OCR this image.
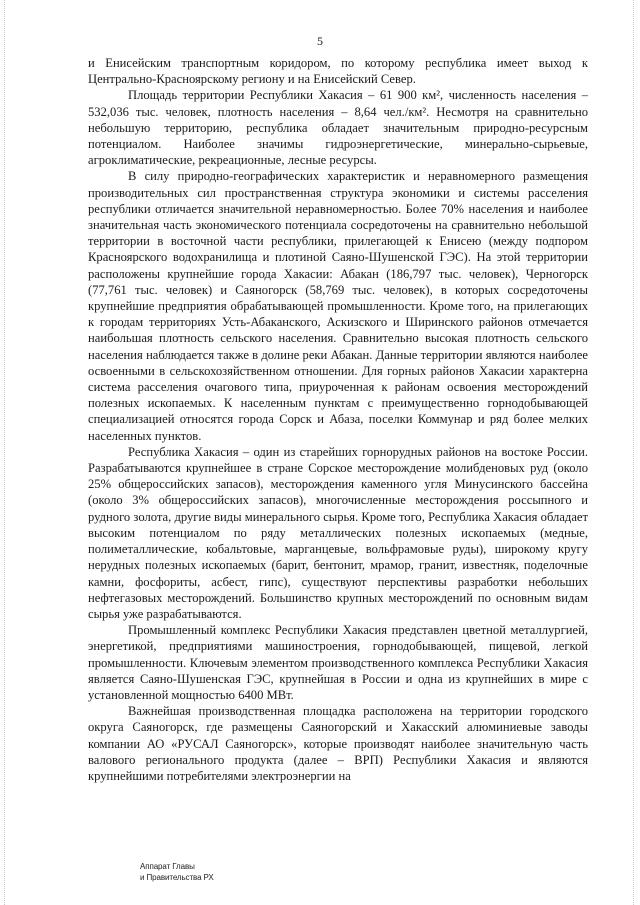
5

и Енисейским транспортным коридором, по которому республика имеет выход к Центрально-Красноярскому региону и на Енисейский Север.

Площадь территории Республики Хакасия – 61 900 км², численность населения – 532,036 тыс. человек, плотность населения – 8,64 чел./км². Несмотря на сравнительно небольшую территорию, республика обладает значительным природно-ресурсным потенциалом. Наиболее значимы гидроэнергетические, минерально-сырьевые, агроклиматические, рекреационные, лесные ресурсы.

В силу природно-географических характеристик и неравномерного размещения производительных сил пространственная структура экономики и системы расселения республики отличается значительной неравномерностью. Более 70% населения и наиболее значительная часть экономического потенциала сосредоточены на сравнительно небольшой территории в восточной части республики, прилегающей к Енисею (между подпором Красноярского водохранилища и плотиной Саяно-Шушенской ГЭС). На этой территории расположены крупнейшие города Хакасии: Абакан (186,797 тыс. человек), Черногорск (77,761 тыс. человек) и Саяногорск (58,769 тыс. человек), в которых сосредоточены крупнейшие предприятия обрабатывающей промышленности. Кроме того, на прилегающих к городам территориях Усть-Абаканского, Аскизского и Ширинского районов отмечается наибольшая плотность сельского населения. Сравнительно высокая плотность сельского населения наблюдается также в долине реки Абакан. Данные территории являются наиболее освоенными в сельскохозяйственном отношении. Для горных районов Хакасии характерна система расселения очагового типа, приуроченная к районам освоения месторождений полезных ископаемых. К населенным пунктам с преимущественно горнодобывающей специализацией относятся города Сорск и Абаза, поселки Коммунар и ряд более мелких населенных пунктов.

Республика Хакасия – один из старейших горнорудных районов на востоке России. Разрабатываются крупнейшее в стране Сорское месторождение молибденовых руд (около 25% общероссийских запасов), месторождения каменного угля Минусинского бассейна (около 3% общероссийских запасов), многочисленные месторождения россыпного и рудного золота, другие виды минерального сырья. Кроме того, Республика Хакасия обладает высоким потенциалом по ряду металлических полезных ископаемых (медные, полиметаллические, кобальтовые, марганцевые, вольфрамовые руды), широкому кругу нерудных полезных ископаемых (барит, бентонит, мрамор, гранит, известняк, поделочные камни, фосфориты, асбест, гипс), существуют перспективы разработки небольших нефтегазовых месторождений. Большинство крупных месторождений по основным видам сырья уже разрабатываются.

Промышленный комплекс Республики Хакасия представлен цветной металлургией, энергетикой, предприятиями машиностроения, горнодобывающей, пищевой, легкой промышленности. Ключевым элементом производственного комплекса Республики Хакасия является Саяно-Шушенская ГЭС, крупнейшая в России и одна из крупнейших в мире с установленной мощностью 6400 МВт.

Важнейшая производственная площадка расположена на территории городского округа Саяногорск, где размещены Саяногорский и Хакасский алюминиевые заводы компании АО «РУСАЛ Саяногорск», которые производят наиболее значительную часть валового регионального продукта (далее – ВРП) Республики Хакасия и являются крупнейшими потребителями электроэнергии на

Аппарат Главы
и Правительства РХ
